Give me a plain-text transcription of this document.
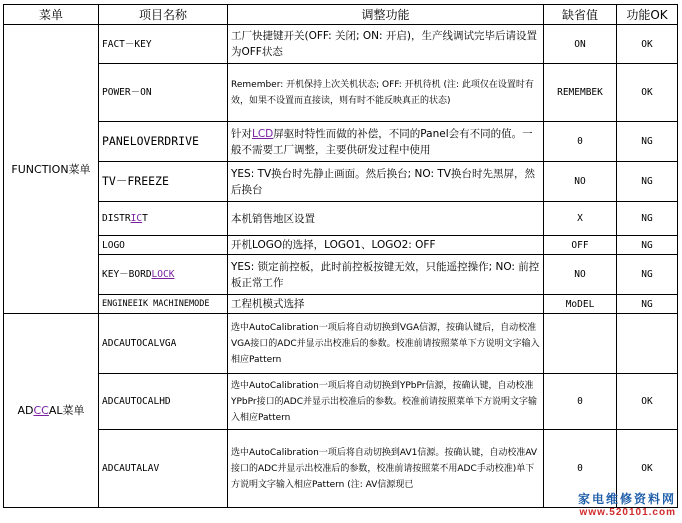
菜单	项目名称	调整功能	缺省值	功能OK
FUNCTION菜单	FACT－KEY	工厂快捷键开关(OFF: 关闭; ON: 开启)，生产线调试完毕后请设置为OFF状态	ON	OK
	POWER－ON	Remember: 开机保持上次关机状态; OFF: 开机待机 (注: 此项仅在设置时有效，如果不设置而直接读，则有时不能反映真正的状态)	REMEMBEK	OK
	PANELOVERDRIVE	针对LCD屏驱时特性而做的补偿，不同的Panel会有不同的值。一般不需要工厂调整，主要供研发过程中使用	0	NG
	TV－FREEZE	YES: TV换台时先静止画面。然后换台; NO: TV换台时先黑屏，然后换台	NO	NG
	DISTRICT	本机销售地区设置	X	NG
	LOGO	开机LOGO的选择，LOGO1、LOGO2: OFF	OFF	NG
	KEY－BORDLOCK	YES: 锁定前控板，此时前控板按键无效，只能遥控操作; NO: 前控板正常工作	NO	NG
	ENGINEEIK MACHINEMODE	工程机模式选择	MoDEL	NG
ADCCAL菜单	ADCAUTOCALVGA	选中AutoCalibration一项后将自动切换到VGA信源，按确认键后，自动校准VGA接口的ADC并显示出校准后的参数。校准前请按照菜单下方说明文字输入相应Pattern		
	ADCAUTOCALHD	选中AutoCalibration一项后将自动切换到YPbPr信源，按确认键，自动校准YPbPr接口的ADC并显示出校准后的参数。校准前请按照菜单下方说明文字输入相应Pattern	0	OK
	ADCAUTALAV	选中AutoCalibration一项后将自动切换到AV1信源。按确认键，自动校准AV接口的ADC并显示出校准后的参数，校准前请按照菜不用ADC手动校准)单下方说明文字输入相应Pattern (注: AV信源现已	0	OK
家电维修资料网
www.520101.com
